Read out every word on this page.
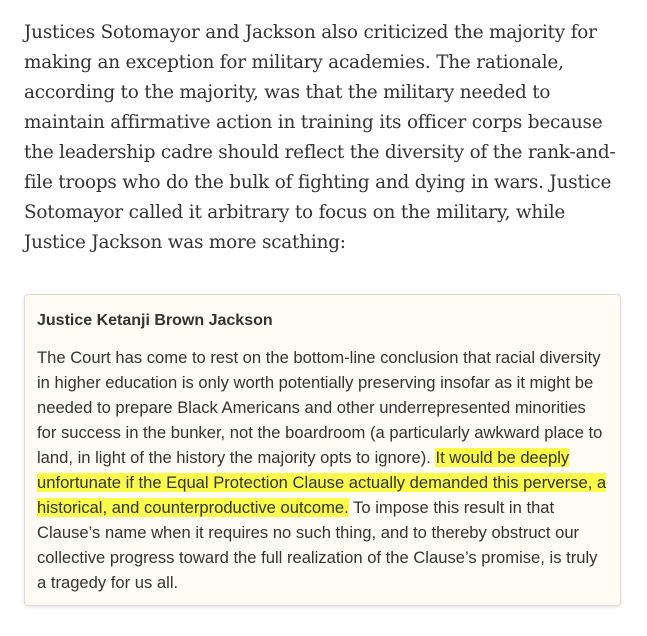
Justices Sotomayor and Jackson also criticized the majority for making an exception for military academies. The rationale, according to the majority, was that the military needed to maintain affirmative action in training its officer corps because the leadership cadre should reflect the diversity of the rank-and-file troops who do the bulk of fighting and dying in wars. Justice Sotomayor called it arbitrary to focus on the military, while Justice Jackson was more scathing:

Justice Ketanji Brown Jackson

The Court has come to rest on the bottom-line conclusion that racial diversity in higher education is only worth potentially preserving insofar as it might be needed to prepare Black Americans and other underrepresented minorities for success in the bunker, not the boardroom (a particularly awkward place to land, in light of the history the majority opts to ignore). It would be deeply unfortunate if the Equal Protection Clause actually demanded this perverse, a historical, and counterproductive outcome. To impose this result in that Clause’s name when it requires no such thing, and to thereby obstruct our collective progress toward the full realization of the Clause’s promise, is truly a tragedy for us all.
